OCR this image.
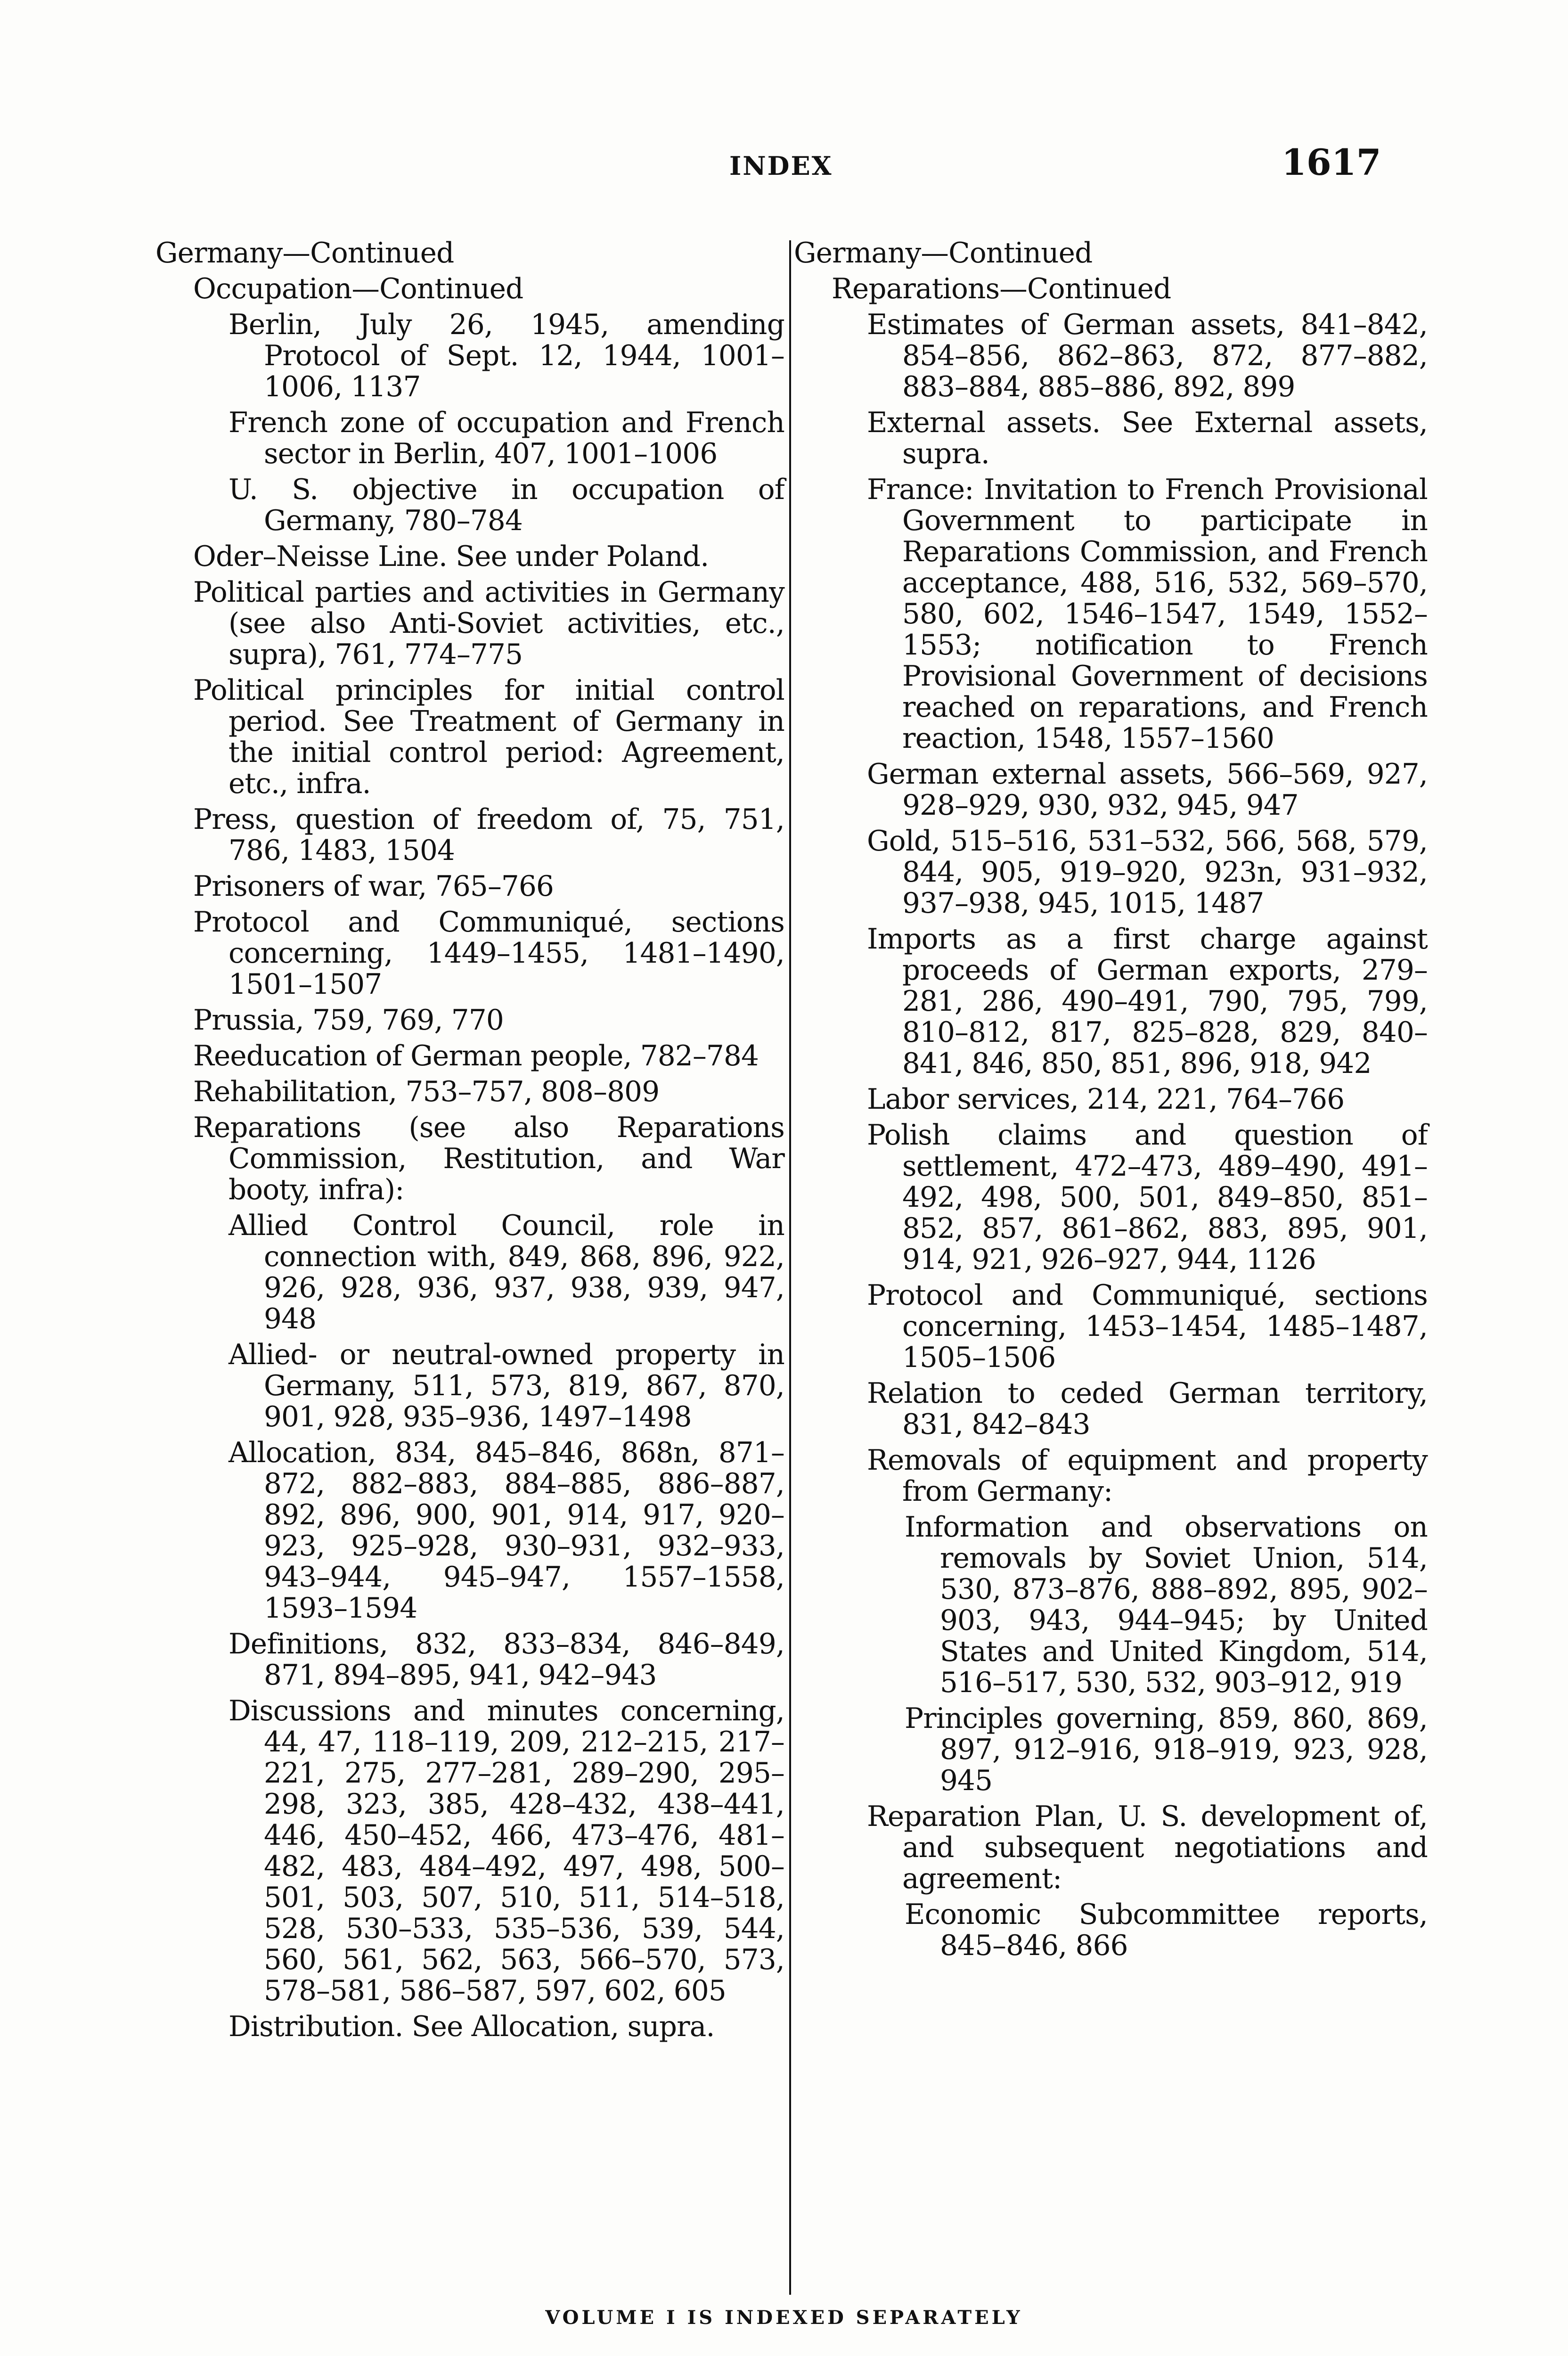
INDEX	1617
Germany—Continued
Occupation—Continued
Berlin, July 26, 1945, amending Protocol of Sept. 12, 1944, 1001–1006, 1137
French zone of occupation and French sector in Berlin, 407, 1001–1006
U. S. objective in occupation of Germany, 780–784
Oder–Neisse Line. See under Poland.
Political parties and activities in Germany (see also Anti-Soviet activities, etc., supra), 761, 774–775
Political principles for initial control period. See Treatment of Germany in the initial control period: Agreement, etc., infra.
Press, question of freedom of, 75, 751, 786, 1483, 1504
Prisoners of war, 765–766
Protocol and Communiqué, sections concerning, 1449–1455, 1481–1490, 1501–1507
Prussia, 759, 769, 770
Reeducation of German people, 782–784
Rehabilitation, 753–757, 808–809
Reparations (see also Reparations Commission, Restitution, and War booty, infra):
Allied Control Council, role in connection with, 849, 868, 896, 922, 926, 928, 936, 937, 938, 939, 947, 948
Allied- or neutral-owned property in Germany, 511, 573, 819, 867, 870, 901, 928, 935–936, 1497–1498
Allocation, 834, 845–846, 868n, 871–872, 882–883, 884–885, 886–887, 892, 896, 900, 901, 914, 917, 920–923, 925–928, 930–931, 932–933, 943–944, 945–947, 1557–1558, 1593–1594
Definitions, 832, 833–834, 846–849, 871, 894–895, 941, 942–943
Discussions and minutes concerning, 44, 47, 118–119, 209, 212–215, 217–221, 275, 277–281, 289–290, 295–298, 323, 385, 428–432, 438–441, 446, 450–452, 466, 473–476, 481–482, 483, 484–492, 497, 498, 500–501, 503, 507, 510, 511, 514–518, 528, 530–533, 535–536, 539, 544, 560, 561, 562, 563, 566–570, 573, 578–581, 586–587, 597, 602, 605
Distribution. See Allocation, supra.
Germany—Continued
Reparations—Continued
Estimates of German assets, 841–842, 854–856, 862–863, 872, 877–882, 883–884, 885–886, 892, 899
External assets. See External assets, supra.
France: Invitation to French Provisional Government to participate in Reparations Commission, and French acceptance, 488, 516, 532, 569–570, 580, 602, 1546–1547, 1549, 1552–1553; notification to French Provisional Government of decisions reached on reparations, and French reaction, 1548, 1557–1560
German external assets, 566–569, 927, 928–929, 930, 932, 945, 947
Gold, 515–516, 531–532, 566, 568, 579, 844, 905, 919–920, 923n, 931–932, 937–938, 945, 1015, 1487
Imports as a first charge against proceeds of German exports, 279–281, 286, 490–491, 790, 795, 799, 810–812, 817, 825–828, 829, 840–841, 846, 850, 851, 896, 918, 942
Labor services, 214, 221, 764–766
Polish claims and question of settlement, 472–473, 489–490, 491–492, 498, 500, 501, 849–850, 851–852, 857, 861–862, 883, 895, 901, 914, 921, 926–927, 944, 1126
Protocol and Communiqué, sections concerning, 1453–1454, 1485–1487, 1505–1506
Relation to ceded German territory, 831, 842–843
Removals of equipment and property from Germany:
Information and observations on removals by Soviet Union, 514, 530, 873–876, 888–892, 895, 902–903, 943, 944–945; by United States and United Kingdom, 514, 516–517, 530, 532, 903–912, 919
Principles governing, 859, 860, 869, 897, 912–916, 918–919, 923, 928, 945
Reparation Plan, U. S. development of, and subsequent negotiations and agreement:
Economic Subcommittee reports, 845–846, 866
VOLUME I IS INDEXED SEPARATELY
